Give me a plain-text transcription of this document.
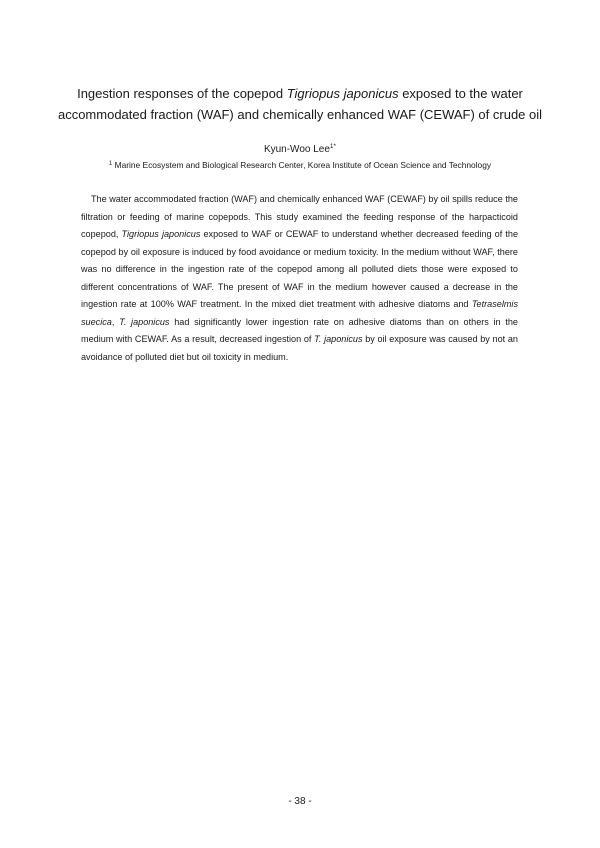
Ingestion responses of the copepod Tigriopus japonicus exposed to the water
accommodated fraction (WAF) and chemically enhanced WAF (CEWAF) of crude oil
Kyun-Woo Lee$^{1*}$
$^1$ Marine Ecosystem and Biological Research Center, Korea Institute of Ocean Science and Technology

The water accommodated fraction (WAF) and chemically enhanced WAF (CEWAF) by oil spills reduce the filtration or feeding of marine copepods. This study examined the feeding response of the harpacticoid copepod, Tigriopus japonicus exposed to WAF or CEWAF to understand whether decreased feeding of the copepod by oil exposure is induced by food avoidance or medium toxicity. In the medium without WAF, there was no difference in the ingestion rate of the copepod among all polluted diets those were exposed to different concentrations of WAF. The present of WAF in the medium however caused a decrease in the ingestion rate at 100% WAF treatment. In the mixed diet treatment with adhesive diatoms and Tetraselmis suecica, T. japonicus had significantly lower ingestion rate on adhesive diatoms than on others in the medium with CEWAF. As a result, decreased ingestion of T. japonicus by oil exposure was caused by not an avoidance of polluted diet but oil toxicity in medium.

- 38 -
